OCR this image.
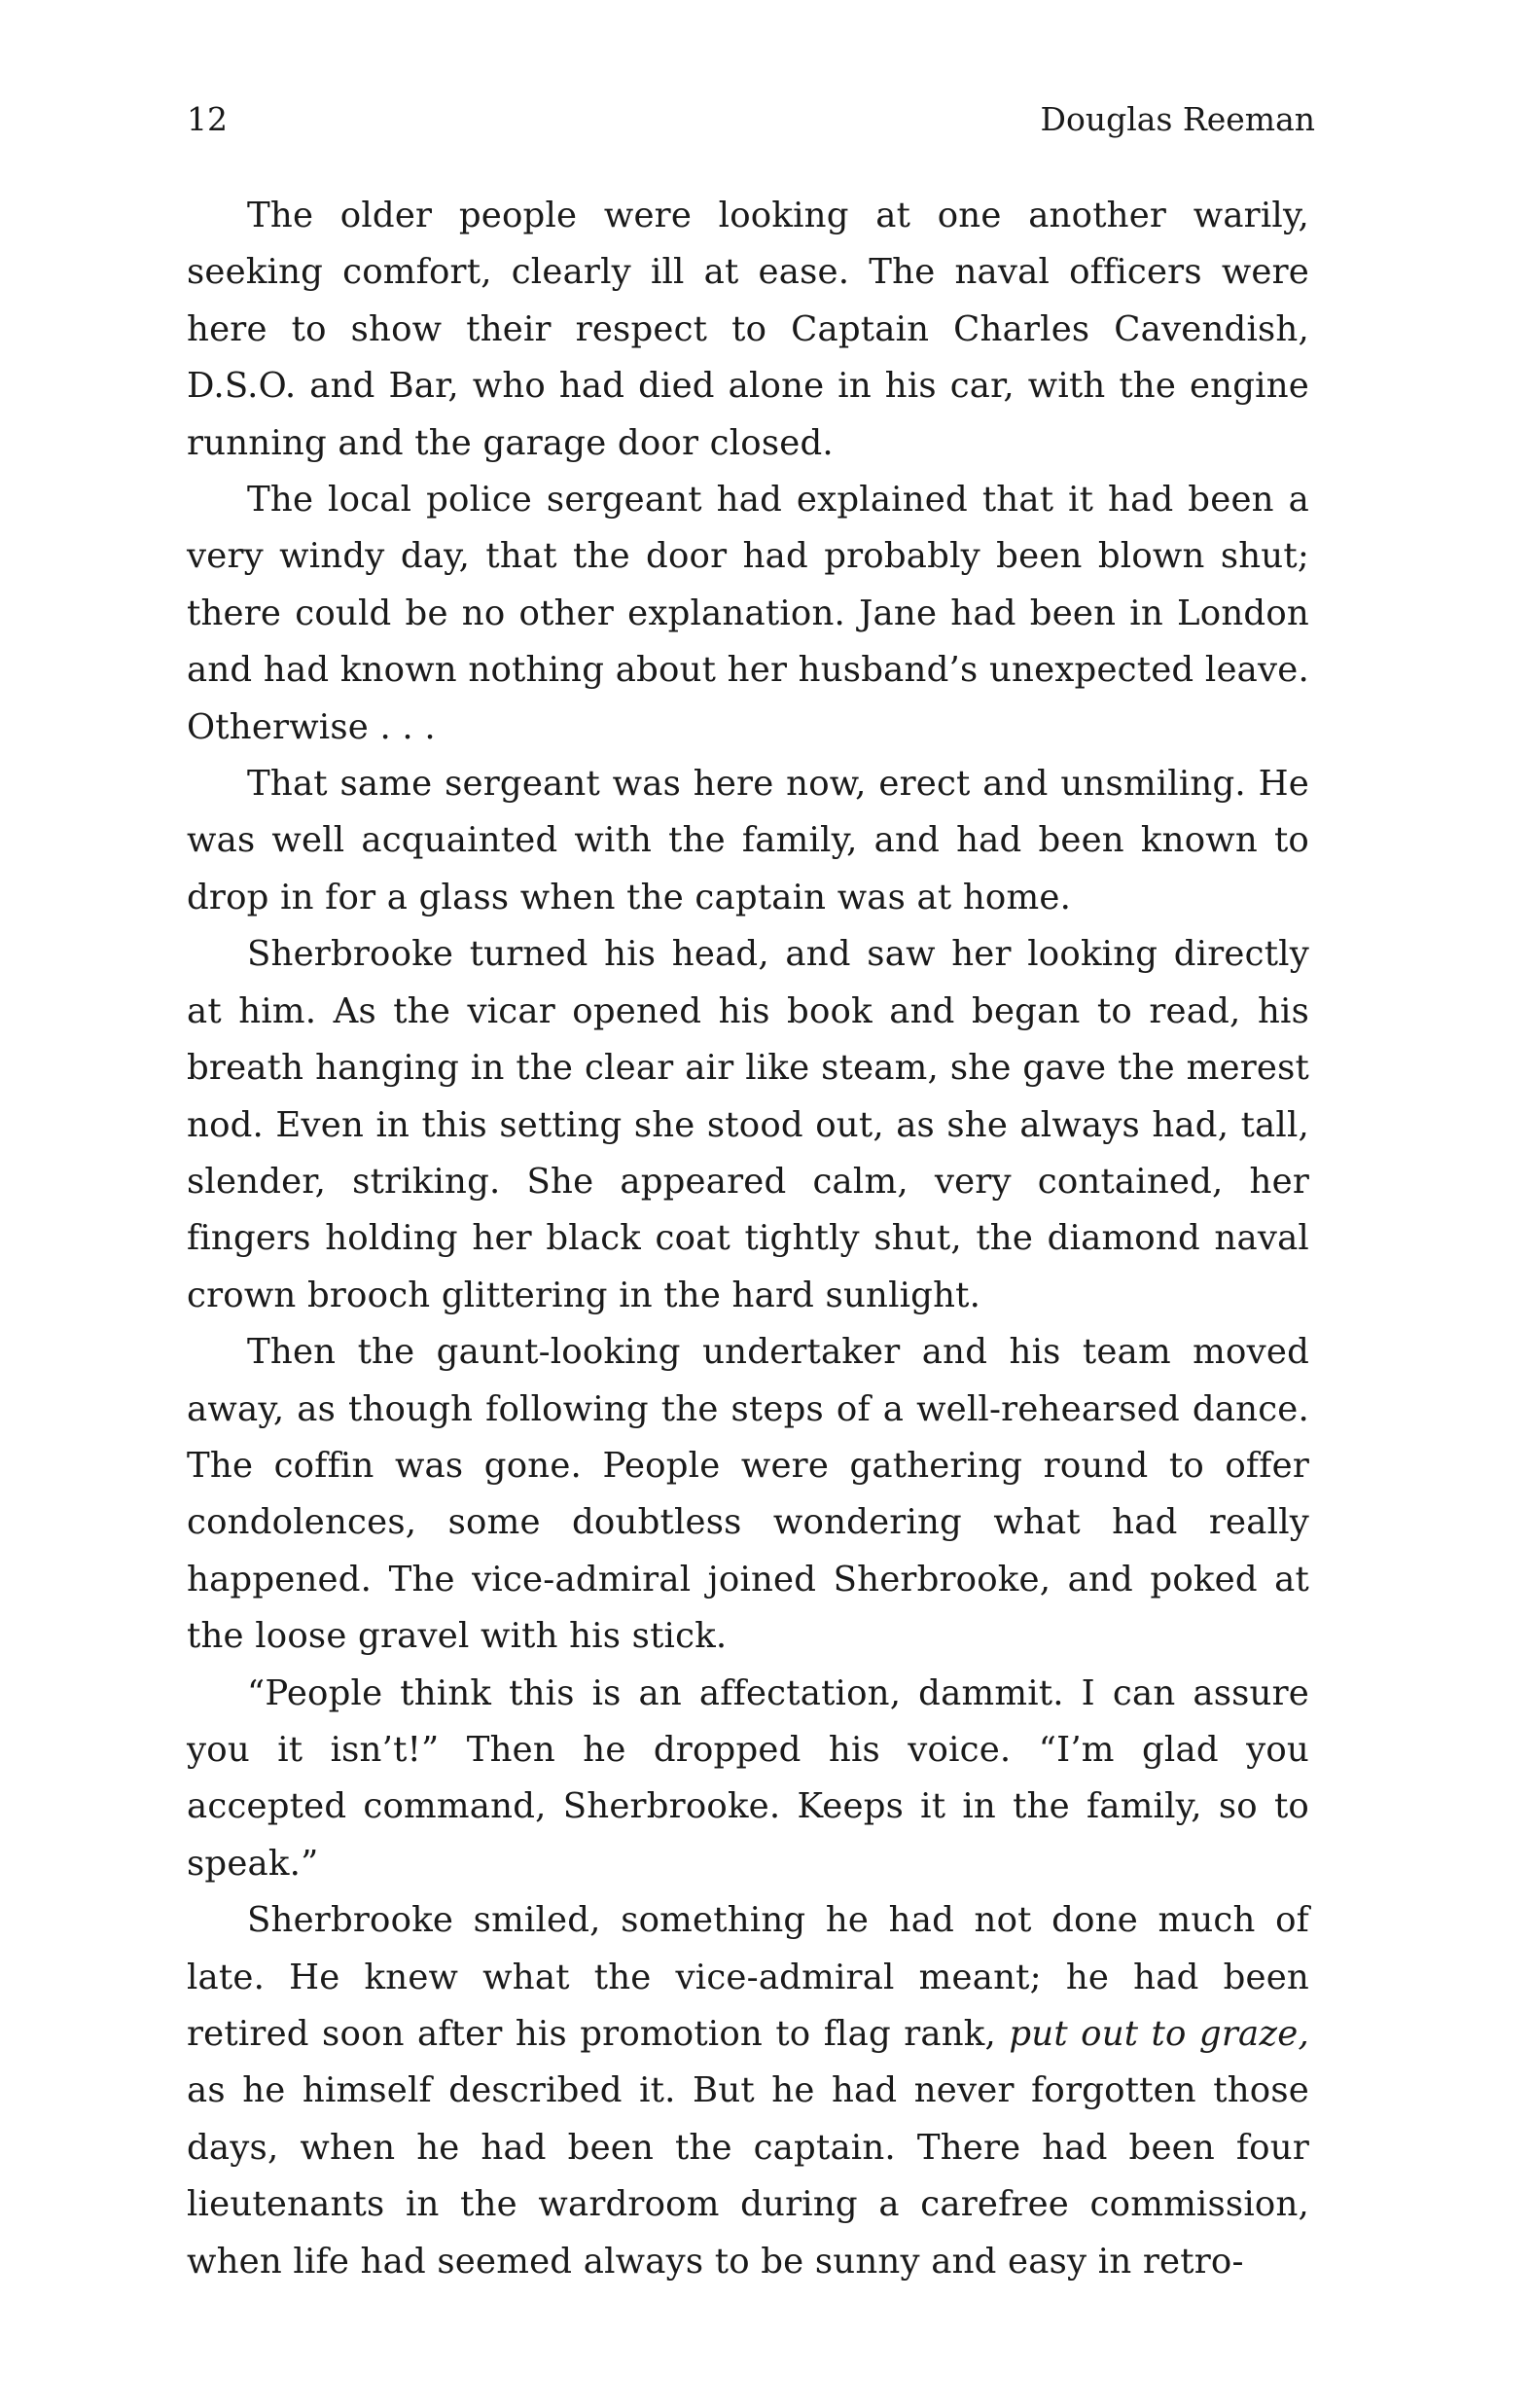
12	Douglas Reeman

The older people were looking at one another warily, seeking comfort, clearly ill at ease. The naval officers were here to show their respect to Captain Charles Cavendish, D.S.O. and Bar, who had died alone in his car, with the engine running and the garage door closed.

The local police sergeant had explained that it had been a very windy day, that the door had probably been blown shut; there could be no other explanation. Jane had been in London and had known nothing about her husband’s unexpected leave. Otherwise . . .

That same sergeant was here now, erect and unsmiling. He was well acquainted with the family, and had been known to drop in for a glass when the captain was at home.

Sherbrooke turned his head, and saw her looking directly at him. As the vicar opened his book and began to read, his breath hanging in the clear air like steam, she gave the merest nod. Even in this setting she stood out, as she always had, tall, slender, striking. She appeared calm, very contained, her fingers holding her black coat tightly shut, the diamond naval crown brooch glittering in the hard sunlight.

Then the gaunt-looking undertaker and his team moved away, as though following the steps of a well-rehearsed dance. The coffin was gone. People were gathering round to offer condolences, some doubtless wondering what had really happened. The vice-admiral joined Sherbrooke, and poked at the loose gravel with his stick.

“People think this is an affectation, dammit. I can assure you it isn’t!” Then he dropped his voice. “I’m glad you accepted command, Sherbrooke. Keeps it in the family, so to speak.”

Sherbrooke smiled, something he had not done much of late. He knew what the vice-admiral meant; he had been retired soon after his promotion to flag rank, put out to graze, as he himself described it. But he had never forgotten those days, when he had been the captain. There had been four lieutenants in the wardroom during a carefree commission, when life had seemed always to be sunny and easy in retro-
